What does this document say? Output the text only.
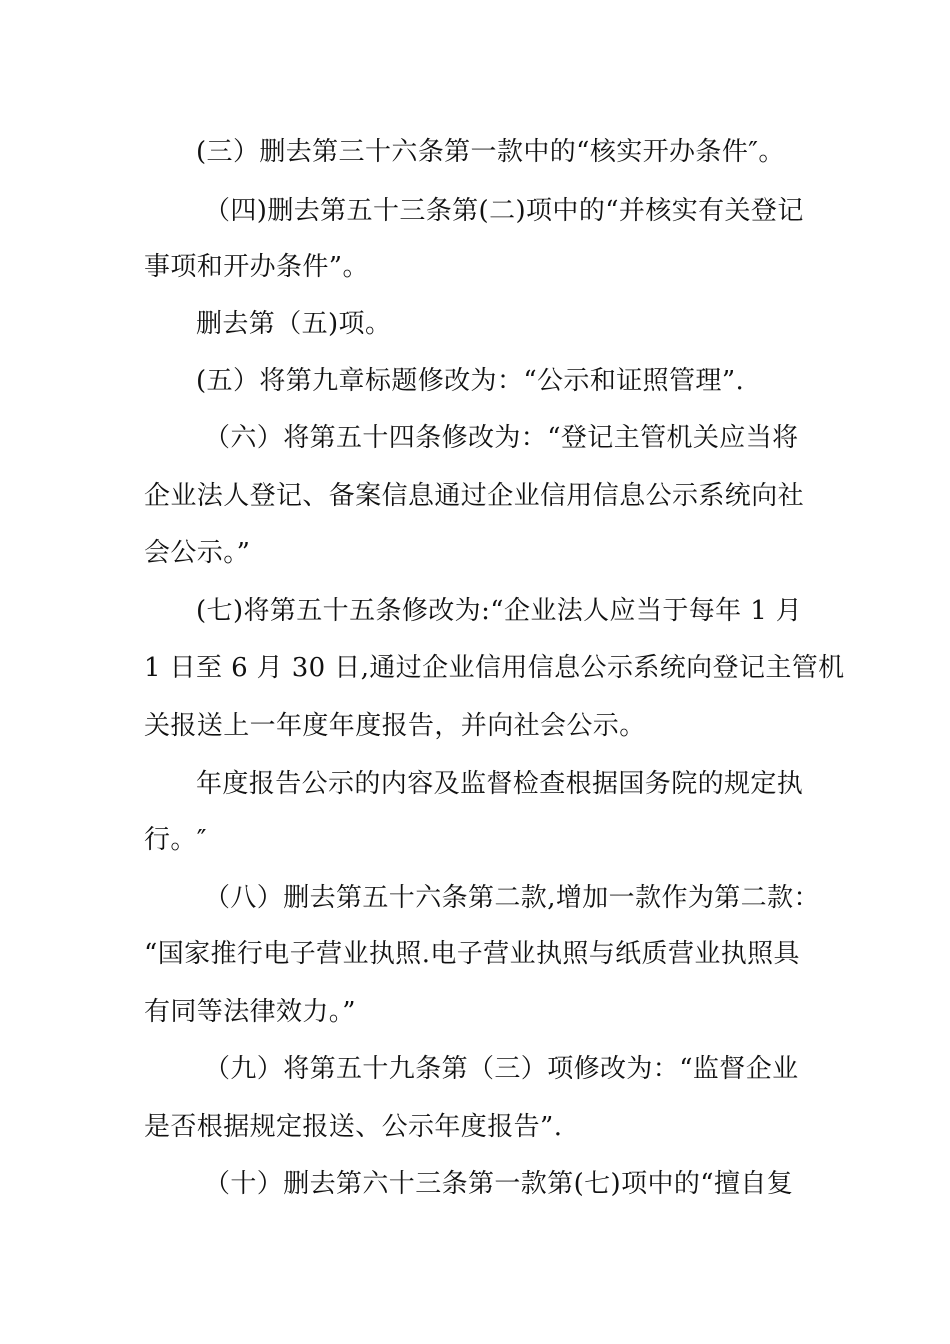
(三）删去第三十六条第一款中的“核实开办条件″。
（四)删去第五十三条第(二)项中的“并核实有关登记
事项和开办条件”。
删去第（五)项。
(五）将第九章标题修改为：“公示和证照管理”.
（六）将第五十四条修改为：“登记主管机关应当将
企业法人登记、备案信息通过企业信用信息公示系统向社
会公示。”
(七)将第五十五条修改为:“企业法人应当于每年 1 月
1 日至 6 月 30 日,通过企业信用信息公示系统向登记主管机
关报送上一年度年度报告，并向社会公示。
年度报告公示的内容及监督检查根据国务院的规定执
行。″
（八）删去第五十六条第二款,增加一款作为第二款：
“国家推行电子营业执照.电子营业执照与纸质营业执照具
有同等法律效力。”
（九）将第五十九条第（三）项修改为：“监督企业
是否根据规定报送、公示年度报告”.
（十）删去第六十三条第一款第(七)项中的“擅自复
